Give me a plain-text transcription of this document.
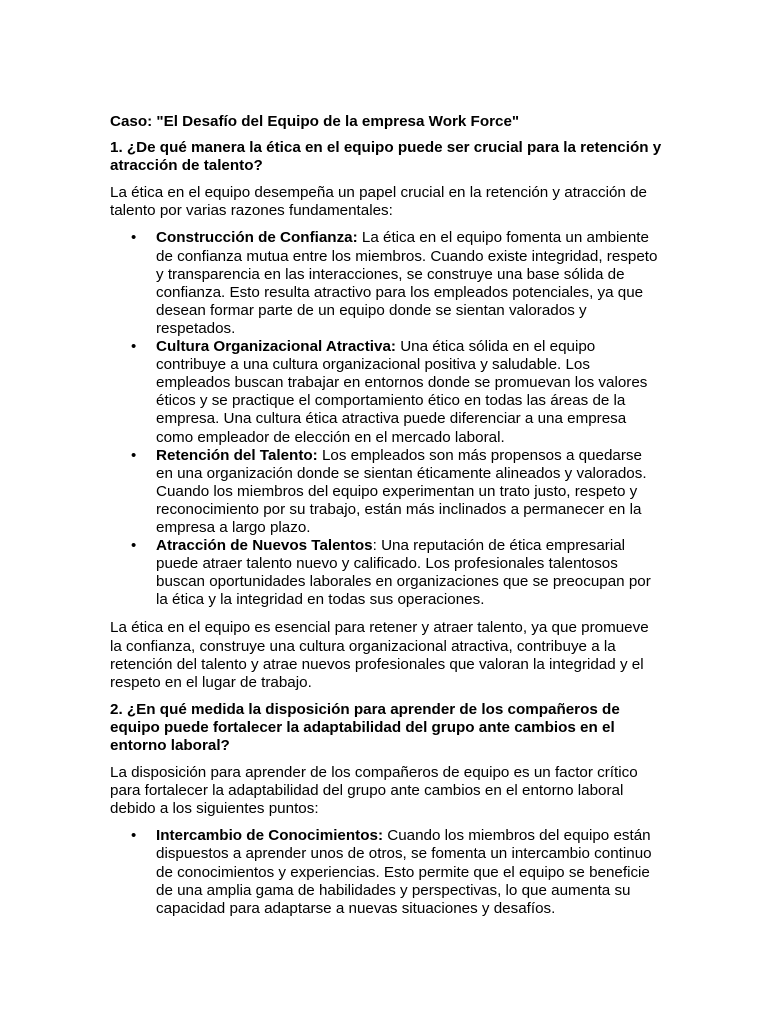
Caso: "El Desafío del Equipo de la empresa Work Force"

1. ¿De qué manera la ética en el equipo puede ser crucial para la retención y atracción de talento?

La ética en el equipo desempeña un papel crucial en la retención y atracción de talento por varias razones fundamentales:

• Construcción de Confianza: La ética en el equipo fomenta un ambiente de confianza mutua entre los miembros. Cuando existe integridad, respeto y transparencia en las interacciones, se construye una base sólida de confianza. Esto resulta atractivo para los empleados potenciales, ya que desean formar parte de un equipo donde se sientan valorados y respetados.
• Cultura Organizacional Atractiva: Una ética sólida en el equipo contribuye a una cultura organizacional positiva y saludable. Los empleados buscan trabajar en entornos donde se promuevan los valores éticos y se practique el comportamiento ético en todas las áreas de la empresa. Una cultura ética atractiva puede diferenciar a una empresa como empleador de elección en el mercado laboral.
• Retención del Talento: Los empleados son más propensos a quedarse en una organización donde se sientan éticamente alineados y valorados. Cuando los miembros del equipo experimentan un trato justo, respeto y reconocimiento por su trabajo, están más inclinados a permanecer en la empresa a largo plazo.
• Atracción de Nuevos Talentos: Una reputación de ética empresarial puede atraer talento nuevo y calificado. Los profesionales talentosos buscan oportunidades laborales en organizaciones que se preocupan por la ética y la integridad en todas sus operaciones.

La ética en el equipo es esencial para retener y atraer talento, ya que promueve la confianza, construye una cultura organizacional atractiva, contribuye a la retención del talento y atrae nuevos profesionales que valoran la integridad y el respeto en el lugar de trabajo.

2. ¿En qué medida la disposición para aprender de los compañeros de equipo puede fortalecer la adaptabilidad del grupo ante cambios en el entorno laboral?

La disposición para aprender de los compañeros de equipo es un factor crítico para fortalecer la adaptabilidad del grupo ante cambios en el entorno laboral debido a los siguientes puntos:

• Intercambio de Conocimientos: Cuando los miembros del equipo están dispuestos a aprender unos de otros, se fomenta un intercambio continuo de conocimientos y experiencias. Esto permite que el equipo se beneficie de una amplia gama de habilidades y perspectivas, lo que aumenta su capacidad para adaptarse a nuevas situaciones y desafíos.
